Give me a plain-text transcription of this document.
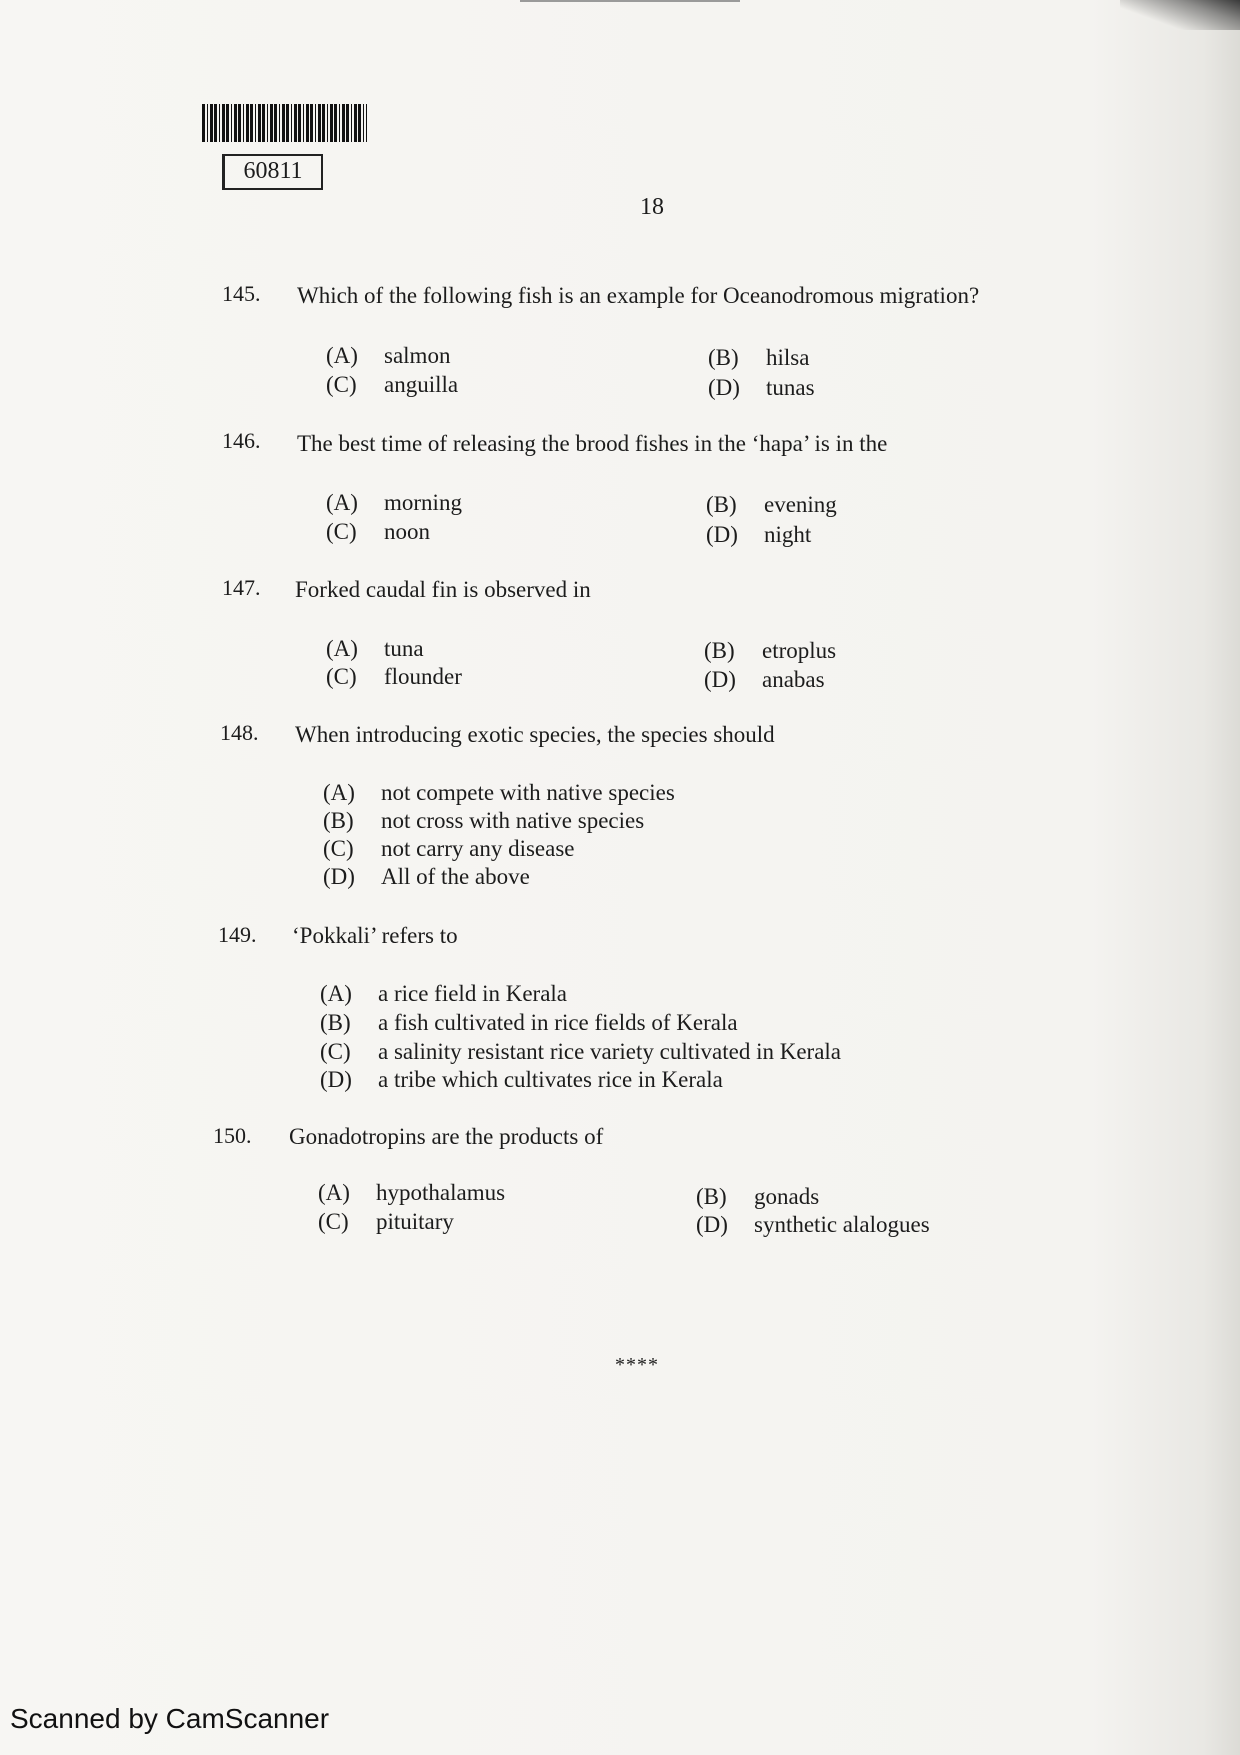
60811
18
145. Which of the following fish is an example for Oceanodromous migration?
(A) salmon	(B) hilsa
(C) anguilla	(D) tunas
146. The best time of releasing the brood fishes in the ‘hapa’ is in the
(A) morning	(B) evening
(C) noon	(D) night
147. Forked caudal fin is observed in
(A) tuna	(B) etroplus
(C) flounder	(D) anabas
148. When introducing exotic species, the species should
(A) not compete with native species
(B) not cross with native species
(C) not carry any disease
(D) All of the above
149. ‘Pokkali’ refers to
(A) a rice field in Kerala
(B) a fish cultivated in rice fields of Kerala
(C) a salinity resistant rice variety cultivated in Kerala
(D) a tribe which cultivates rice in Kerala
150. Gonadotropins are the products of
(A) hypothalamus	(B) gonads
(C) pituitary	(D) synthetic alalogues
****
Scanned by CamScanner
